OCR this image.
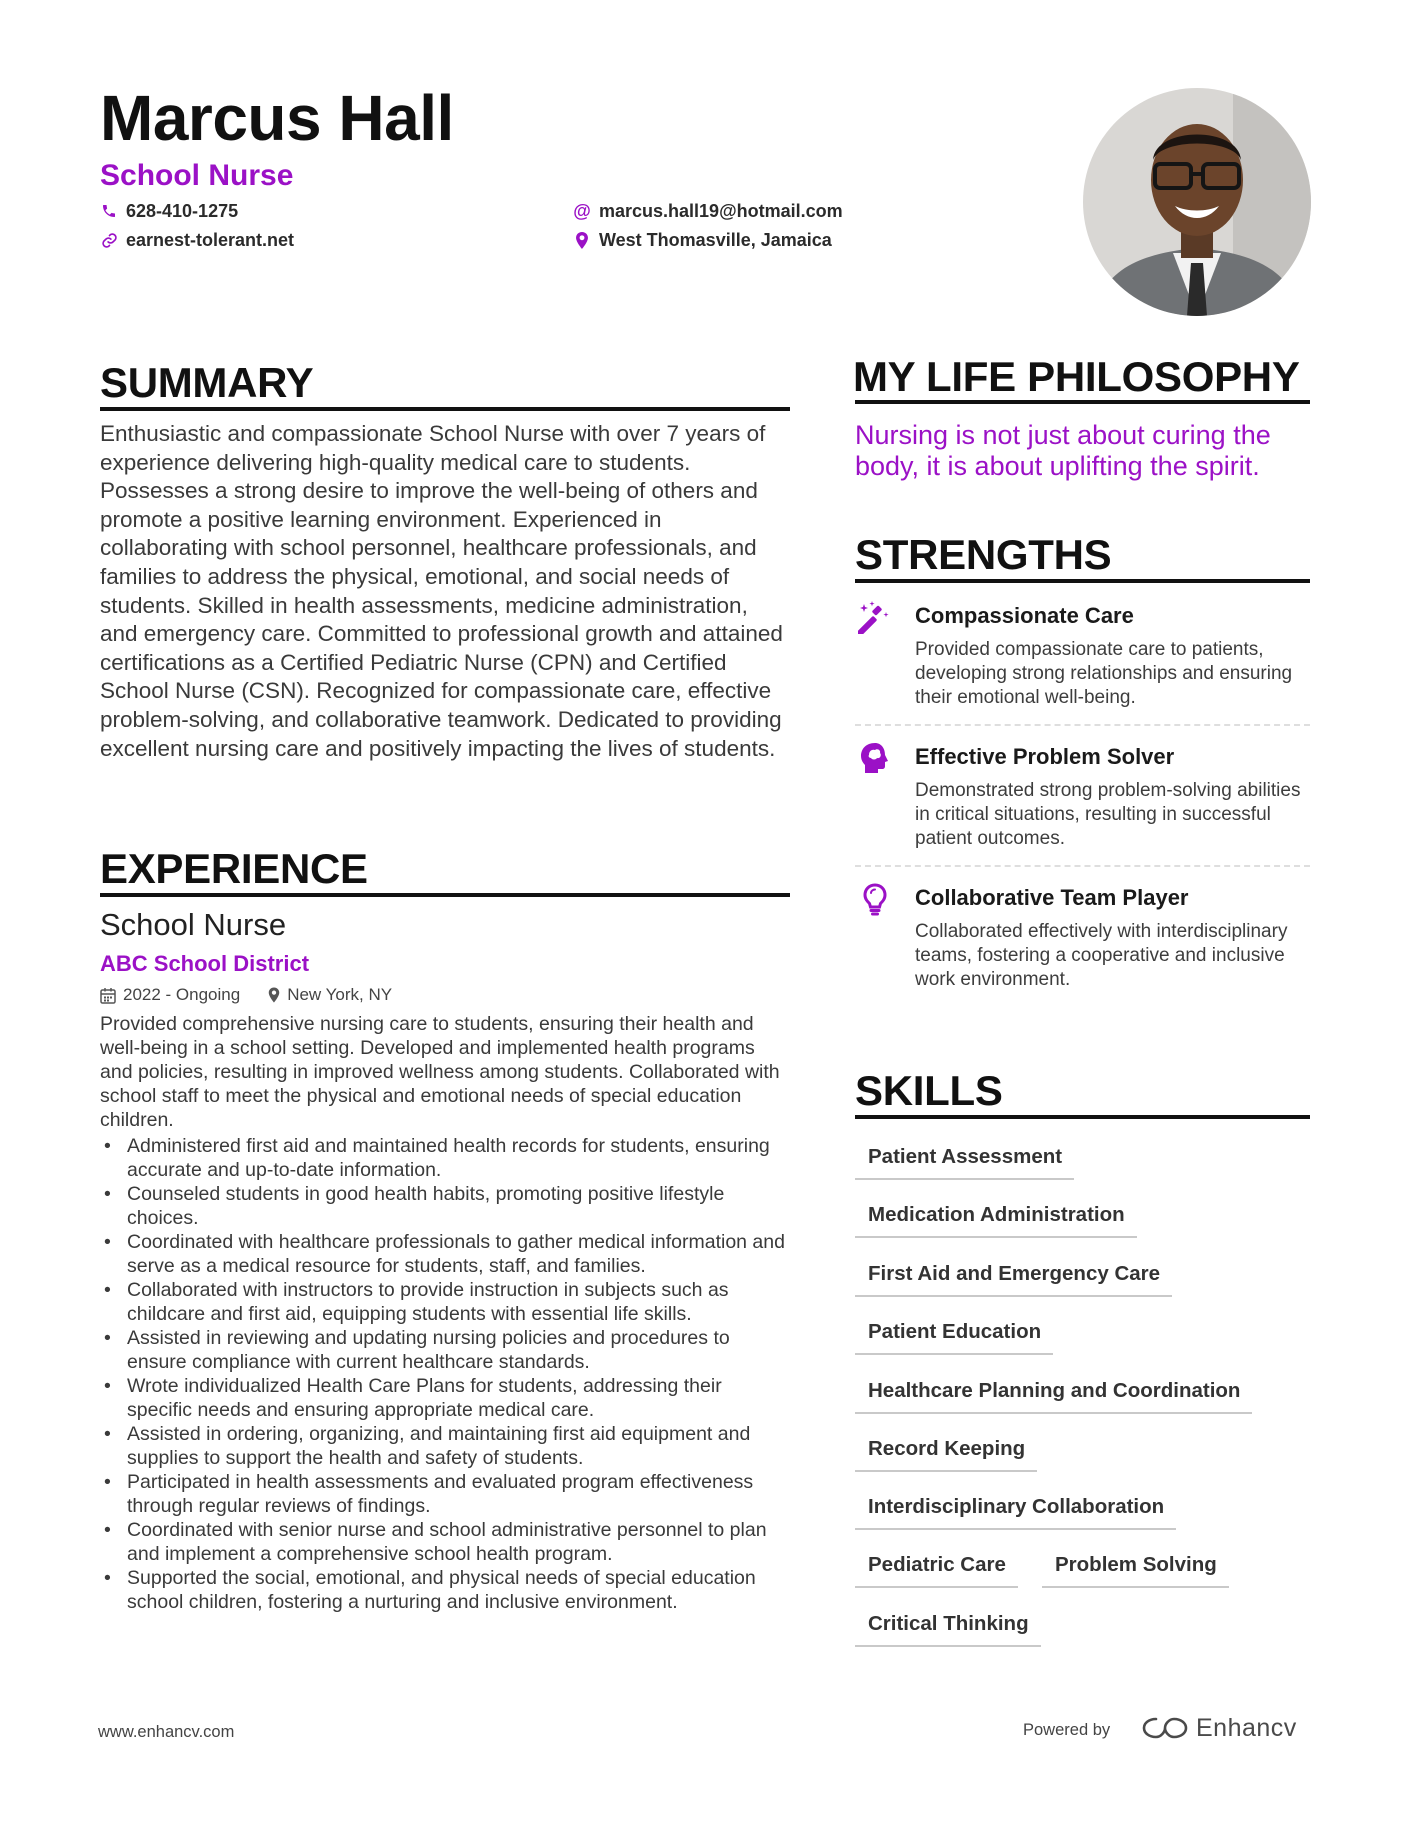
Marcus Hall
School Nurse
628-410-1275	@ marcus.hall19@hotmail.com
earnest-tolerant.net	West Thomasville, Jamaica
SUMMARY

Enthusiastic and compassionate School Nurse with over 7 years of experience delivering high-quality medical care to students. Possesses a strong desire to improve the well-being of others and promote a positive learning environment. Experienced in collaborating with school personnel, healthcare professionals, and families to address the physical, emotional, and social needs of students. Skilled in health assessments, medicine administration, and emergency care. Committed to professional growth and attained certifications as a Certified Pediatric Nurse (CPN) and Certified School Nurse (CSN). Recognized for compassionate care, effective problem-solving, and collaborative teamwork. Dedicated to providing excellent nursing care and positively impacting the lives of students.

EXPERIENCE
School Nurse
ABC School District
2022 - Ongoing	New York, NY

Provided comprehensive nursing care to students, ensuring their health and well-being in a school setting. Developed and implemented health programs and policies, resulting in improved wellness among students. Collaborated with school staff to meet the physical and emotional needs of special education children.

• Administered first aid and maintained health records for students, ensuring accurate and up-to-date information.
• Counseled students in good health habits, promoting positive lifestyle choices.
• Coordinated with healthcare professionals to gather medical information and serve as a medical resource for students, staff, and families.
• Collaborated with instructors to provide instruction in subjects such as childcare and first aid, equipping students with essential life skills.
• Assisted in reviewing and updating nursing policies and procedures to ensure compliance with current healthcare standards.
• Wrote individualized Health Care Plans for students, addressing their specific needs and ensuring appropriate medical care.
• Assisted in ordering, organizing, and maintaining first aid equipment and supplies to support the health and safety of students.
• Participated in health assessments and evaluated program effectiveness through regular reviews of findings.
• Coordinated with senior nurse and school administrative personnel to plan and implement a comprehensive school health program.
• Supported the social, emotional, and physical needs of special education school children, fostering a nurturing and inclusive environment.
MY LIFE PHILOSOPHY

Nursing is not just about curing the body, it is about uplifting the spirit.

STRENGTHS
Compassionate Care

Provided compassionate care to patients, developing strong relationships and ensuring their emotional well-being.

Effective Problem Solver

Demonstrated strong problem-solving abilities in critical situations, resulting in successful patient outcomes.

Collaborative Team Player

Collaborated effectively with interdisciplinary teams, fostering a cooperative and inclusive work environment.

SKILLS
Patient Assessment
Medication Administration
First Aid and Emergency Care
Patient Education
Healthcare Planning and Coordination
Record Keeping
Interdisciplinary Collaboration
Pediatric Care	Problem Solving
Critical Thinking
www.enhancv.com	Powered by	Enhancv
